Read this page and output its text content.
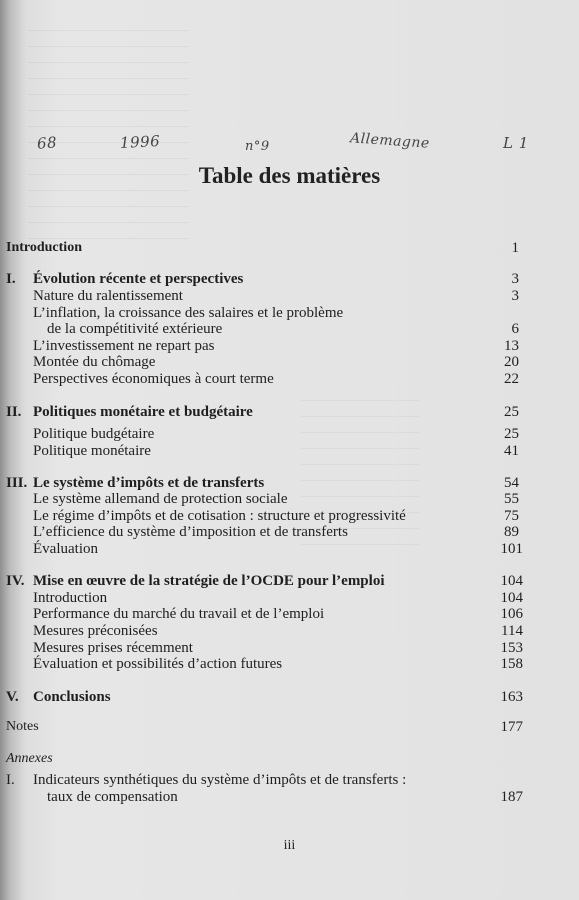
68	1996	n°9	Allemagne	L 1
Table des matières
Introduction	1
I. Évolution récente et perspectives	3
Nature du ralentissement	3
L’inflation, la croissance des salaires et le problème
de la compétitivité extérieure	6
L’investissement ne repart pas	13
Montée du chômage	20
Perspectives économiques à court terme	22
II. Politiques monétaire et budgétaire	25
Politique budgétaire	25
Politique monétaire	41
III. Le système d’impôts et de transferts	54
Le système allemand de protection sociale	55
Le régime d’impôts et de cotisation : structure et progressivité	75
L’efficience du système d’imposition et de transferts	89
Évaluation	101
IV. Mise en œuvre de la stratégie de l’OCDE pour l’emploi	104
Introduction	104
Performance du marché du travail et de l’emploi	106
Mesures préconisées	114
Mesures prises récemment	153
Évaluation et possibilités d’action futures	158
V. Conclusions	163
Notes	177
Annexes
I. Indicateurs synthétiques du système d’impôts et de transferts :
taux de compensation	187
iii
